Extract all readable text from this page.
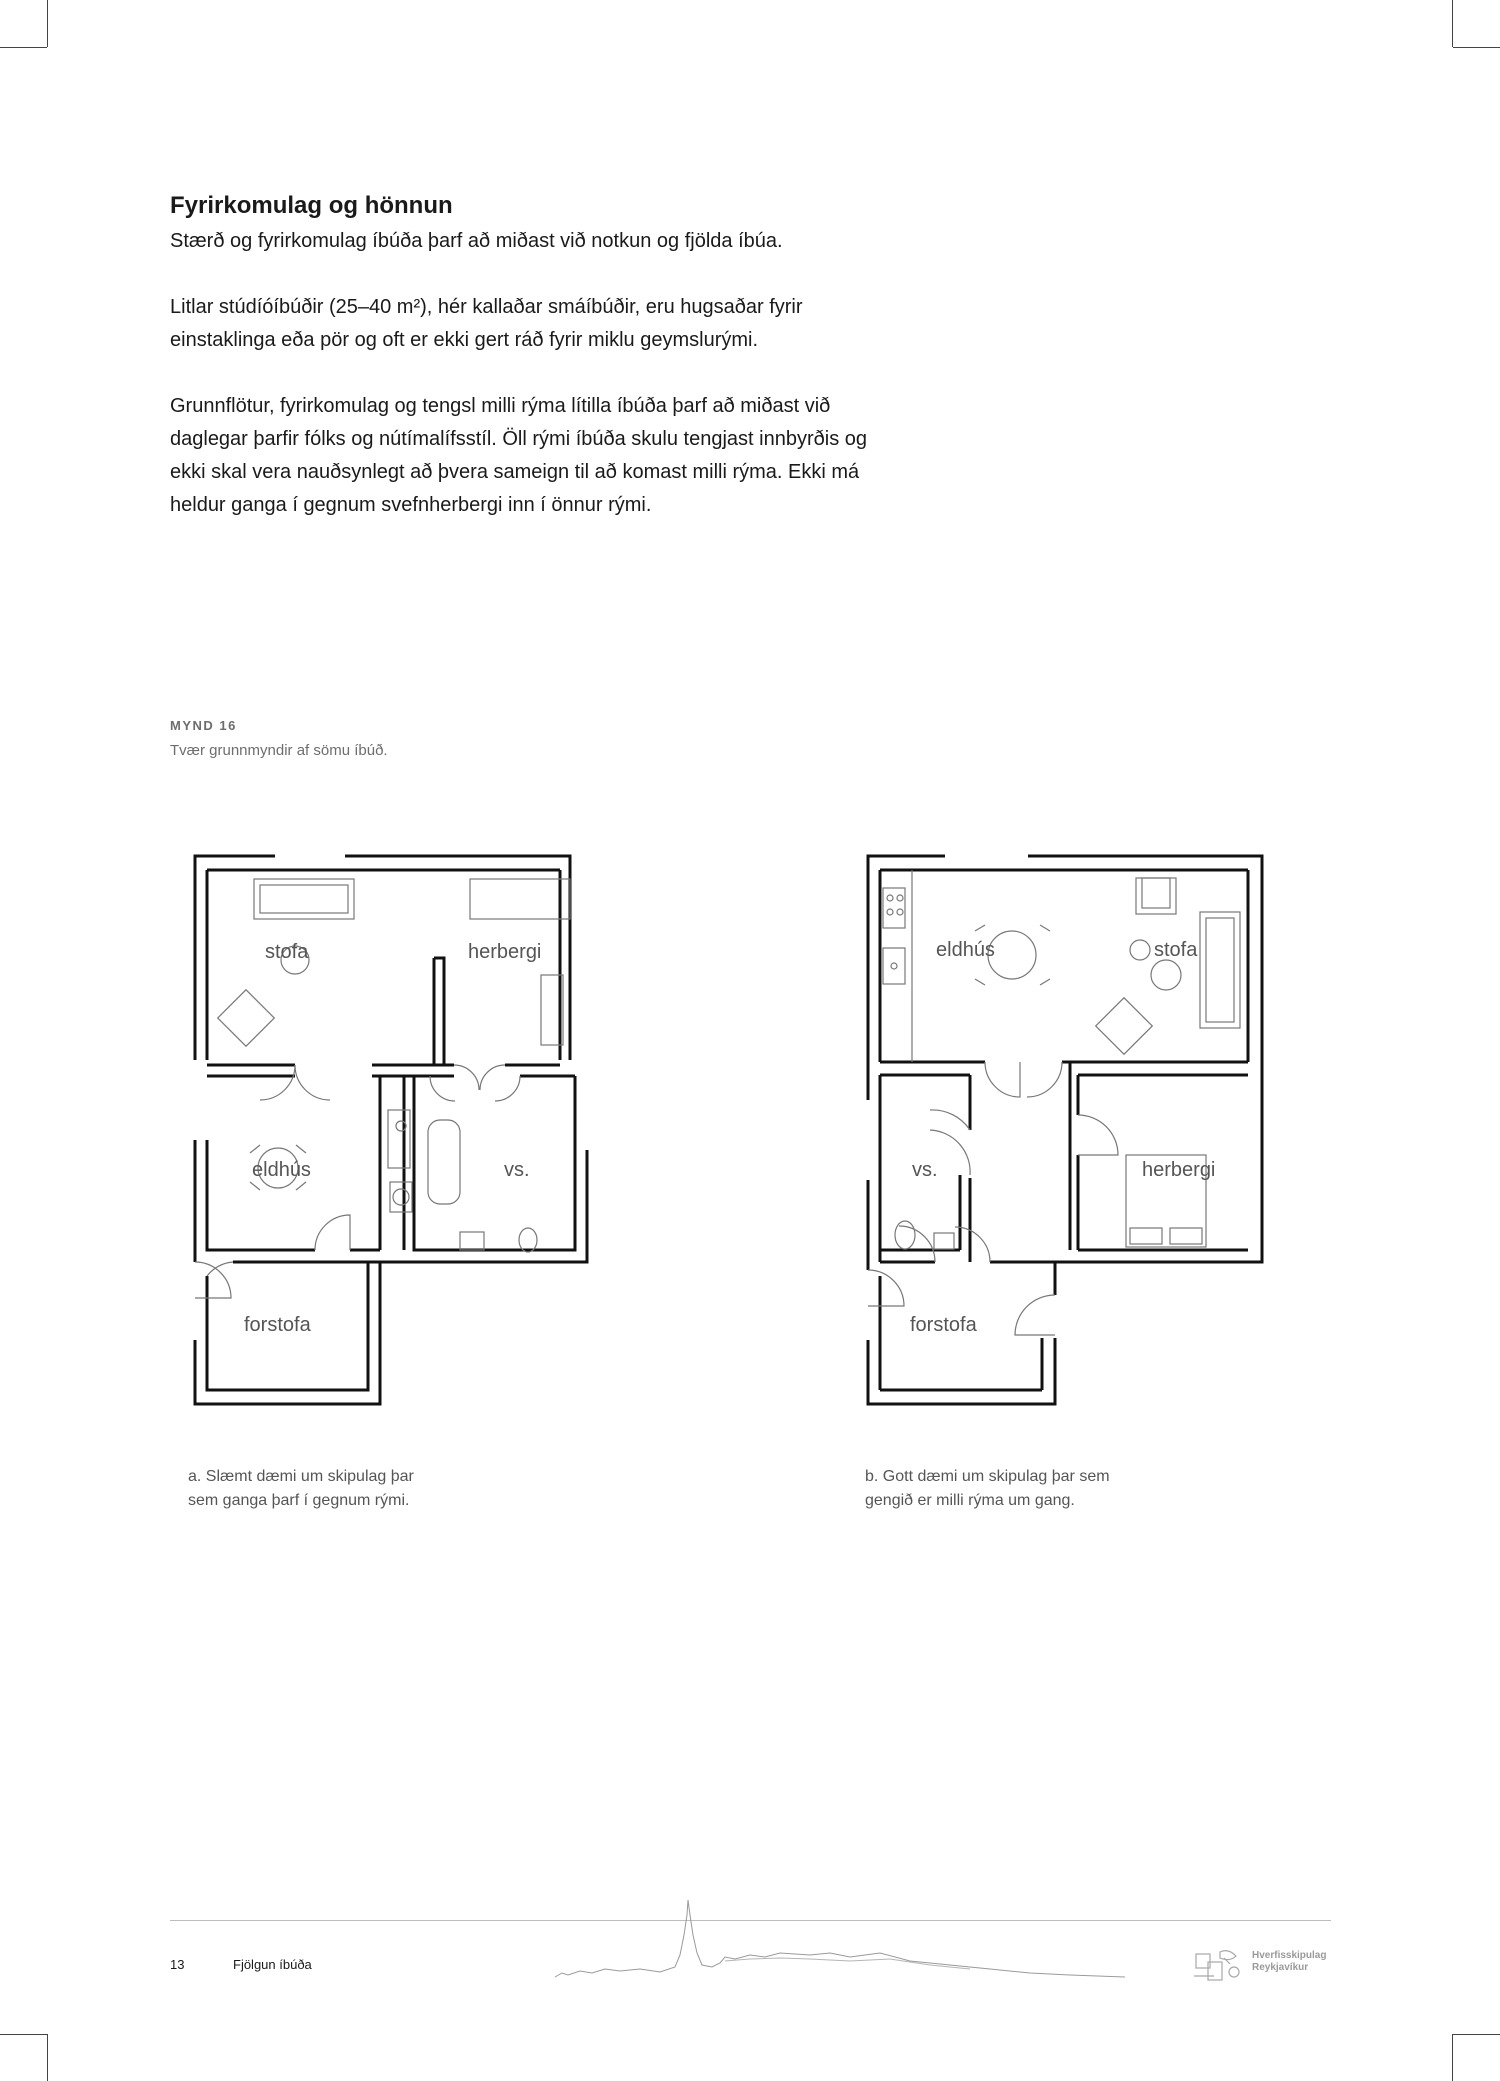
Fyrirkomulag og hönnun

Stærð og fyrirkomulag íbúða þarf að miðast við notkun og fjölda íbúa.

Litlar stúdíóíbúðir (25–40 m²), hér kallaðar smáíbúðir, eru hugsaðar fyrir
einstaklinga eða pör og oft er ekki gert ráð fyrir miklu geymslurými.

Grunnflötur, fyrirkomulag og tengsl milli rýma lítilla íbúða þarf að miðast við
daglegar þarfir fólks og nútímalífsstíl. Öll rými íbúða skulu tengjast innbyrðis og
ekki skal vera nauðsynlegt að þvera sameign til að komast milli rýma. Ekki má
heldur ganga í gegnum svefnherbergi inn í önnur rými.

MYND 16
Tvær grunnmyndir af sömu íbúð.
stofa	herbergi
eldhús	vs.
forstofa
eldhús	stofa
vs.	herbergi
forstofa
a. Slæmt dæmi um skipulag þar
sem ganga þarf í gegnum rými.
b. Gott dæmi um skipulag þar sem
gengið er milli rýma um gang.
13	Fjölgun íbúða
Hverfisskipulag
Reykjavíkur
